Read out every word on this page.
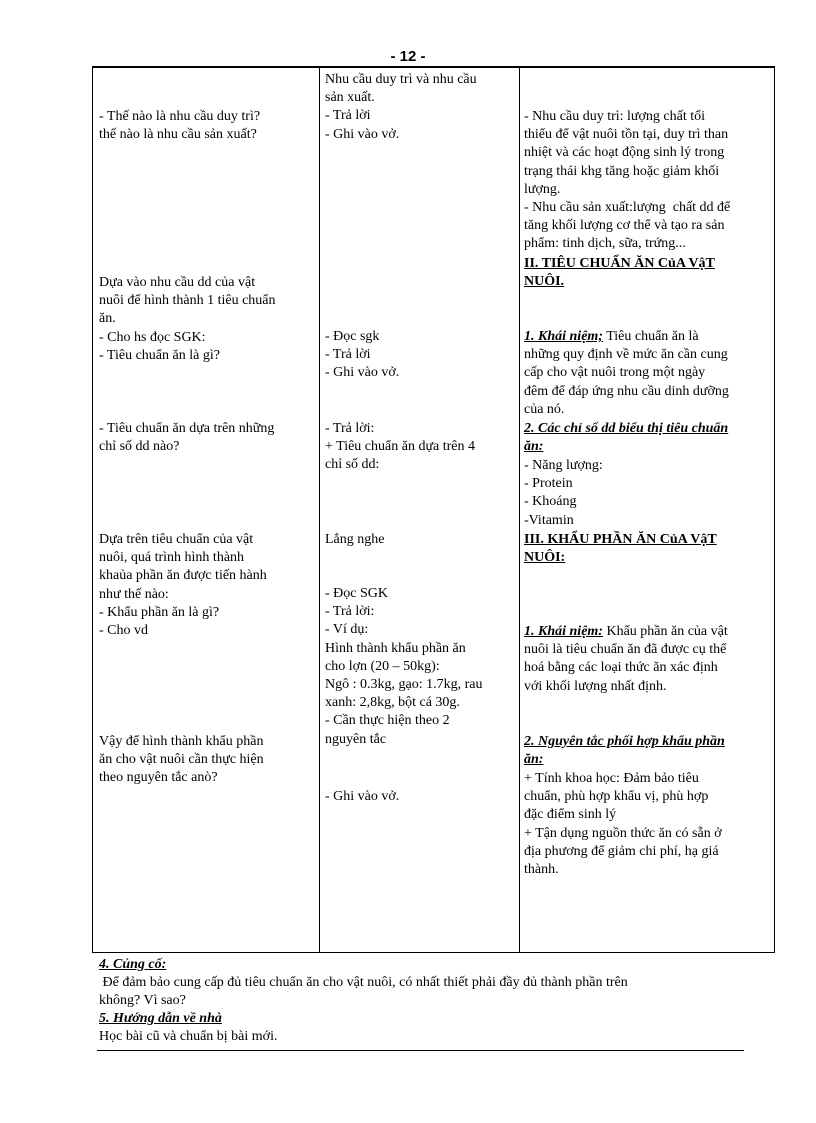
- 12 -
- Thế nào là nhu cầu duy trì?
thế nào là nhu cầu sản xuất?
Dựa vào nhu cầu dd của vật
nuôi để hình thành 1 tiêu chuẩn
ăn.
- Cho hs đọc SGK:
- Tiêu chuẩn ăn là gì?
- Tiêu chuẩn ăn dựa trên những
chỉ số dd nào?
Dựa trên tiêu chuẩn của vật
nuôi, quá trình hình thành
khaủa phần ăn được tiến hành
như thế nào:
- Khẩu phần ăn là gì?
- Cho vd
Vậy để hình thành khẩu phần
ăn cho vật nuôi cần thực hiện
theo nguyên tắc anò?
Nhu cầu duy trì và nhu cầu
sản xuất.
- Trả lời
- Ghi vào vở.
- Đọc sgk
- Trả lời
- Ghi vào vở.
- Trả lời:
+ Tiêu chuẩn ăn dựa trên 4
chỉ số dd:
Lắng nghe
- Đọc SGK
- Trả lời:
- Ví dụ:
Hình thành khẩu phần ăn
cho lợn (20 – 50kg):
Ngô : 0.3kg, gạo: 1.7kg, rau
xanh: 2,8kg, bột cá 30g.
- Cần thực hiện theo 2
nguyên tắc
- Ghi vào vở.
- Nhu cầu duy trì: lượng chất tối
thiểu để vật nuôi tồn tại, duy trì than
nhiệt và các hoạt động sinh lý trong
trạng thái khg tăng hoặc giảm khối
lượng.
- Nhu cầu sản xuất:lượng  chất dd để
tăng khối lượng cơ thể và tạo ra sản
phẩm: tinh dịch, sữa, trứng...
II. TIÊU CHUẨN ĂN CủA VậT
NUÔI.
1. Khái niệm; Tiêu chuẩn ăn là
những quy định về mức ăn cần cung
cấp cho vật nuôi trong một ngày
đêm để đáp ứng nhu cầu dinh dưỡng
của nó.
2. Các chỉ số dd biểu thị tiêu chuẩn
ăn:
- Năng lượng:
- Protein
- Khoáng
-Vitamin
III. KHẨU PHẦN ĂN CủA VậT
NUÔI:
1. Khái niệm: Khẩu phần ăn của vật
nuôi là tiêu chuẩn ăn đã được cụ thể
hoá bằng các loại thức ăn xác định
với khối lượng nhất định.
2. Nguyên tắc phối hợp khẩu phần
ăn:
+ Tính khoa học: Đảm bảo tiêu
chuẩn, phù hợp khẩu vị, phù hợp
đặc điểm sinh lý
+ Tận dụng nguồn thức ăn có sẵn ở
địa phương để giảm chi phí, hạ giá
thành.
4. Củng cố:
Để đảm bảo cung cấp đủ tiêu chuẩn ăn cho vật nuôi, có nhất thiết phải đầy đủ thành phần trên
không? Vì sao?
5. Hướng dẫn về nhà
Học bài cũ và chuẩn bị bài mới.
